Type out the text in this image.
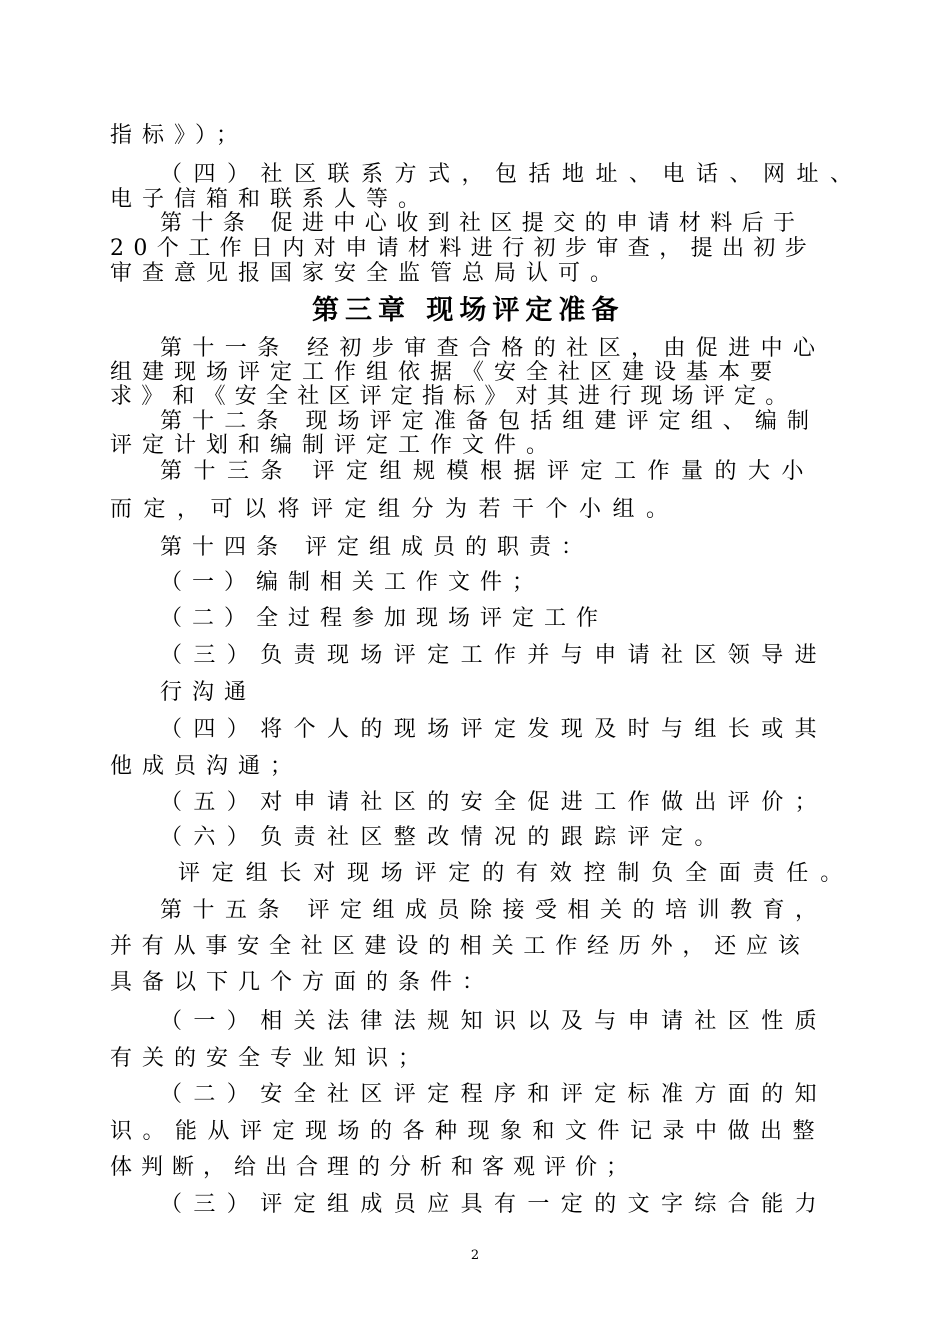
指标》）；
（四）社区联系方式，包括地址、电话、网址、
电子信箱和联系人等。
第十条 促进中心收到社区提交的申请材料后于
20个工作日内对申请材料进行初步审查，提出初步
审查意见报国家安全监管总局认可。
第三章 现场评定准备
第十一条 经初步审查合格的社区，由促进中心
组建现场评定工作组依据《安全社区建设基本要
求》和《安全社区评定指标》对其进行现场评定。
第十二条 现场评定准备包括组建评定组、编制
评定计划和编制评定工作文件。
第十三条 评定组规模根据评定工作量的大小
而定，可以将评定组分为若干个小组。
第十四条 评定组成员的职责：
（一）编制相关工作文件；
（二）全过程参加现场评定工作
（三）负责现场评定工作并与申请社区领导进
行沟通
（四）将个人的现场评定发现及时与组长或其
他成员沟通；
（五）对申请社区的安全促进工作做出评价；
（六）负责社区整改情况的跟踪评定。
评定组长对现场评定的有效控制负全面责任。
第十五条 评定组成员除接受相关的培训教育，
并有从事安全社区建设的相关工作经历外，还应该
具备以下几个方面的条件：
（一）相关法律法规知识以及与申请社区性质
有关的安全专业知识；
（二）安全社区评定程序和评定标准方面的知
识。能从评定现场的各种现象和文件记录中做出整
体判断，给出合理的分析和客观评价；
（三）评定组成员应具有一定的文字综合能力
2
